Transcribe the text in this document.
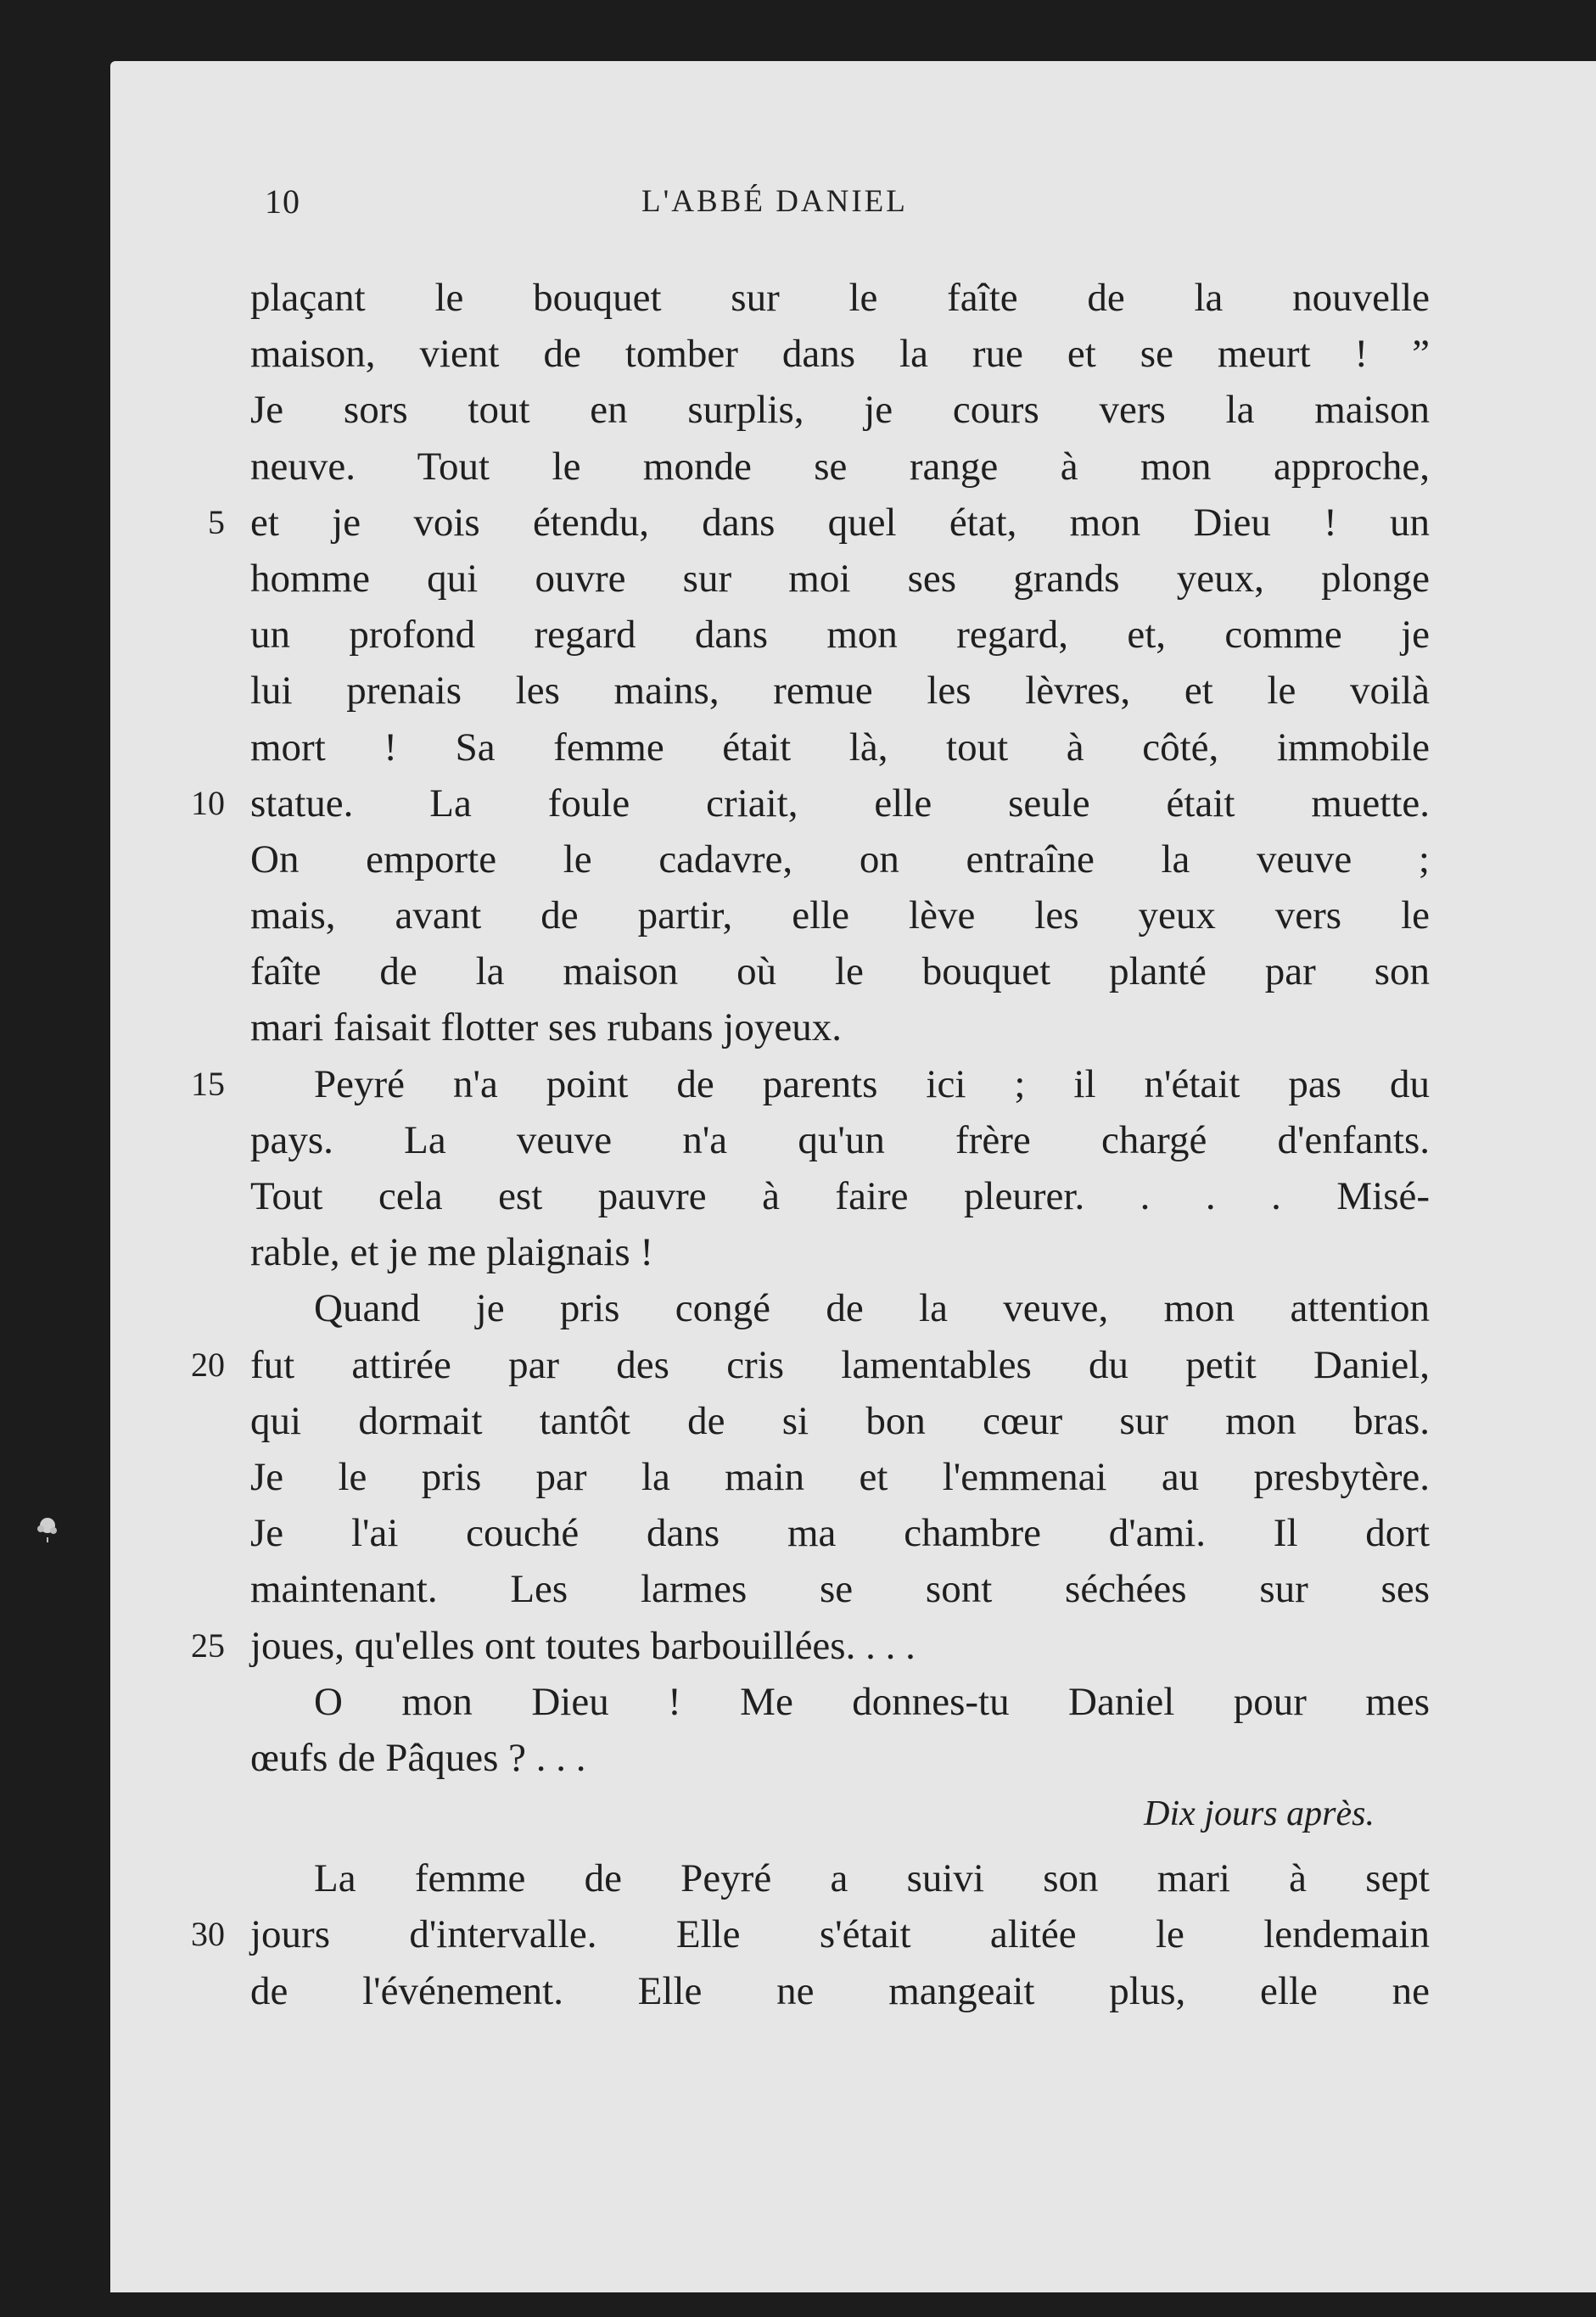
10	L'ABBÉ DANIEL
plaçant le bouquet sur le faîte de la nouvelle
maison, vient de tomber dans la rue et se meurt ! ”
Je sors tout en surplis, je cours vers la maison
neuve. Tout le monde se range à mon approche,
5 et je vois étendu, dans quel état, mon Dieu ! un
homme qui ouvre sur moi ses grands yeux, plonge
un profond regard dans mon regard, et, comme je
lui prenais les mains, remue les lèvres, et le voilà
mort ! Sa femme était là, tout à côté, immobile
10 statue. La foule criait, elle seule était muette.
On emporte le cadavre, on entraîne la veuve ;
mais, avant de partir, elle lève les yeux vers le
faîte de la maison où le bouquet planté par son
mari faisait flotter ses rubans joyeux.
15	Peyré n'a point de parents ici ; il n'était pas du
pays. La veuve n'a qu'un frère chargé d'enfants.
Tout cela est pauvre à faire pleurer. . . . Misé-
rable, et je me plaignais !
Quand je pris congé de la veuve, mon attention
20 fut attirée par des cris lamentables du petit Daniel,
qui dormait tantôt de si bon cœur sur mon bras.
Je le pris par la main et l'emmenai au presbytère.
Je l'ai couché dans ma chambre d'ami. Il dort
maintenant. Les larmes se sont séchées sur ses
25 joues, qu'elles ont toutes barbouillées. . . .
O mon Dieu ! Me donnes-tu Daniel pour mes
œufs de Pâques ? . . .
Dix jours après.
La femme de Peyré a suivi son mari à sept
30 jours d'intervalle. Elle s'était alitée le lendemain
de l'événement. Elle ne mangeait plus, elle ne
